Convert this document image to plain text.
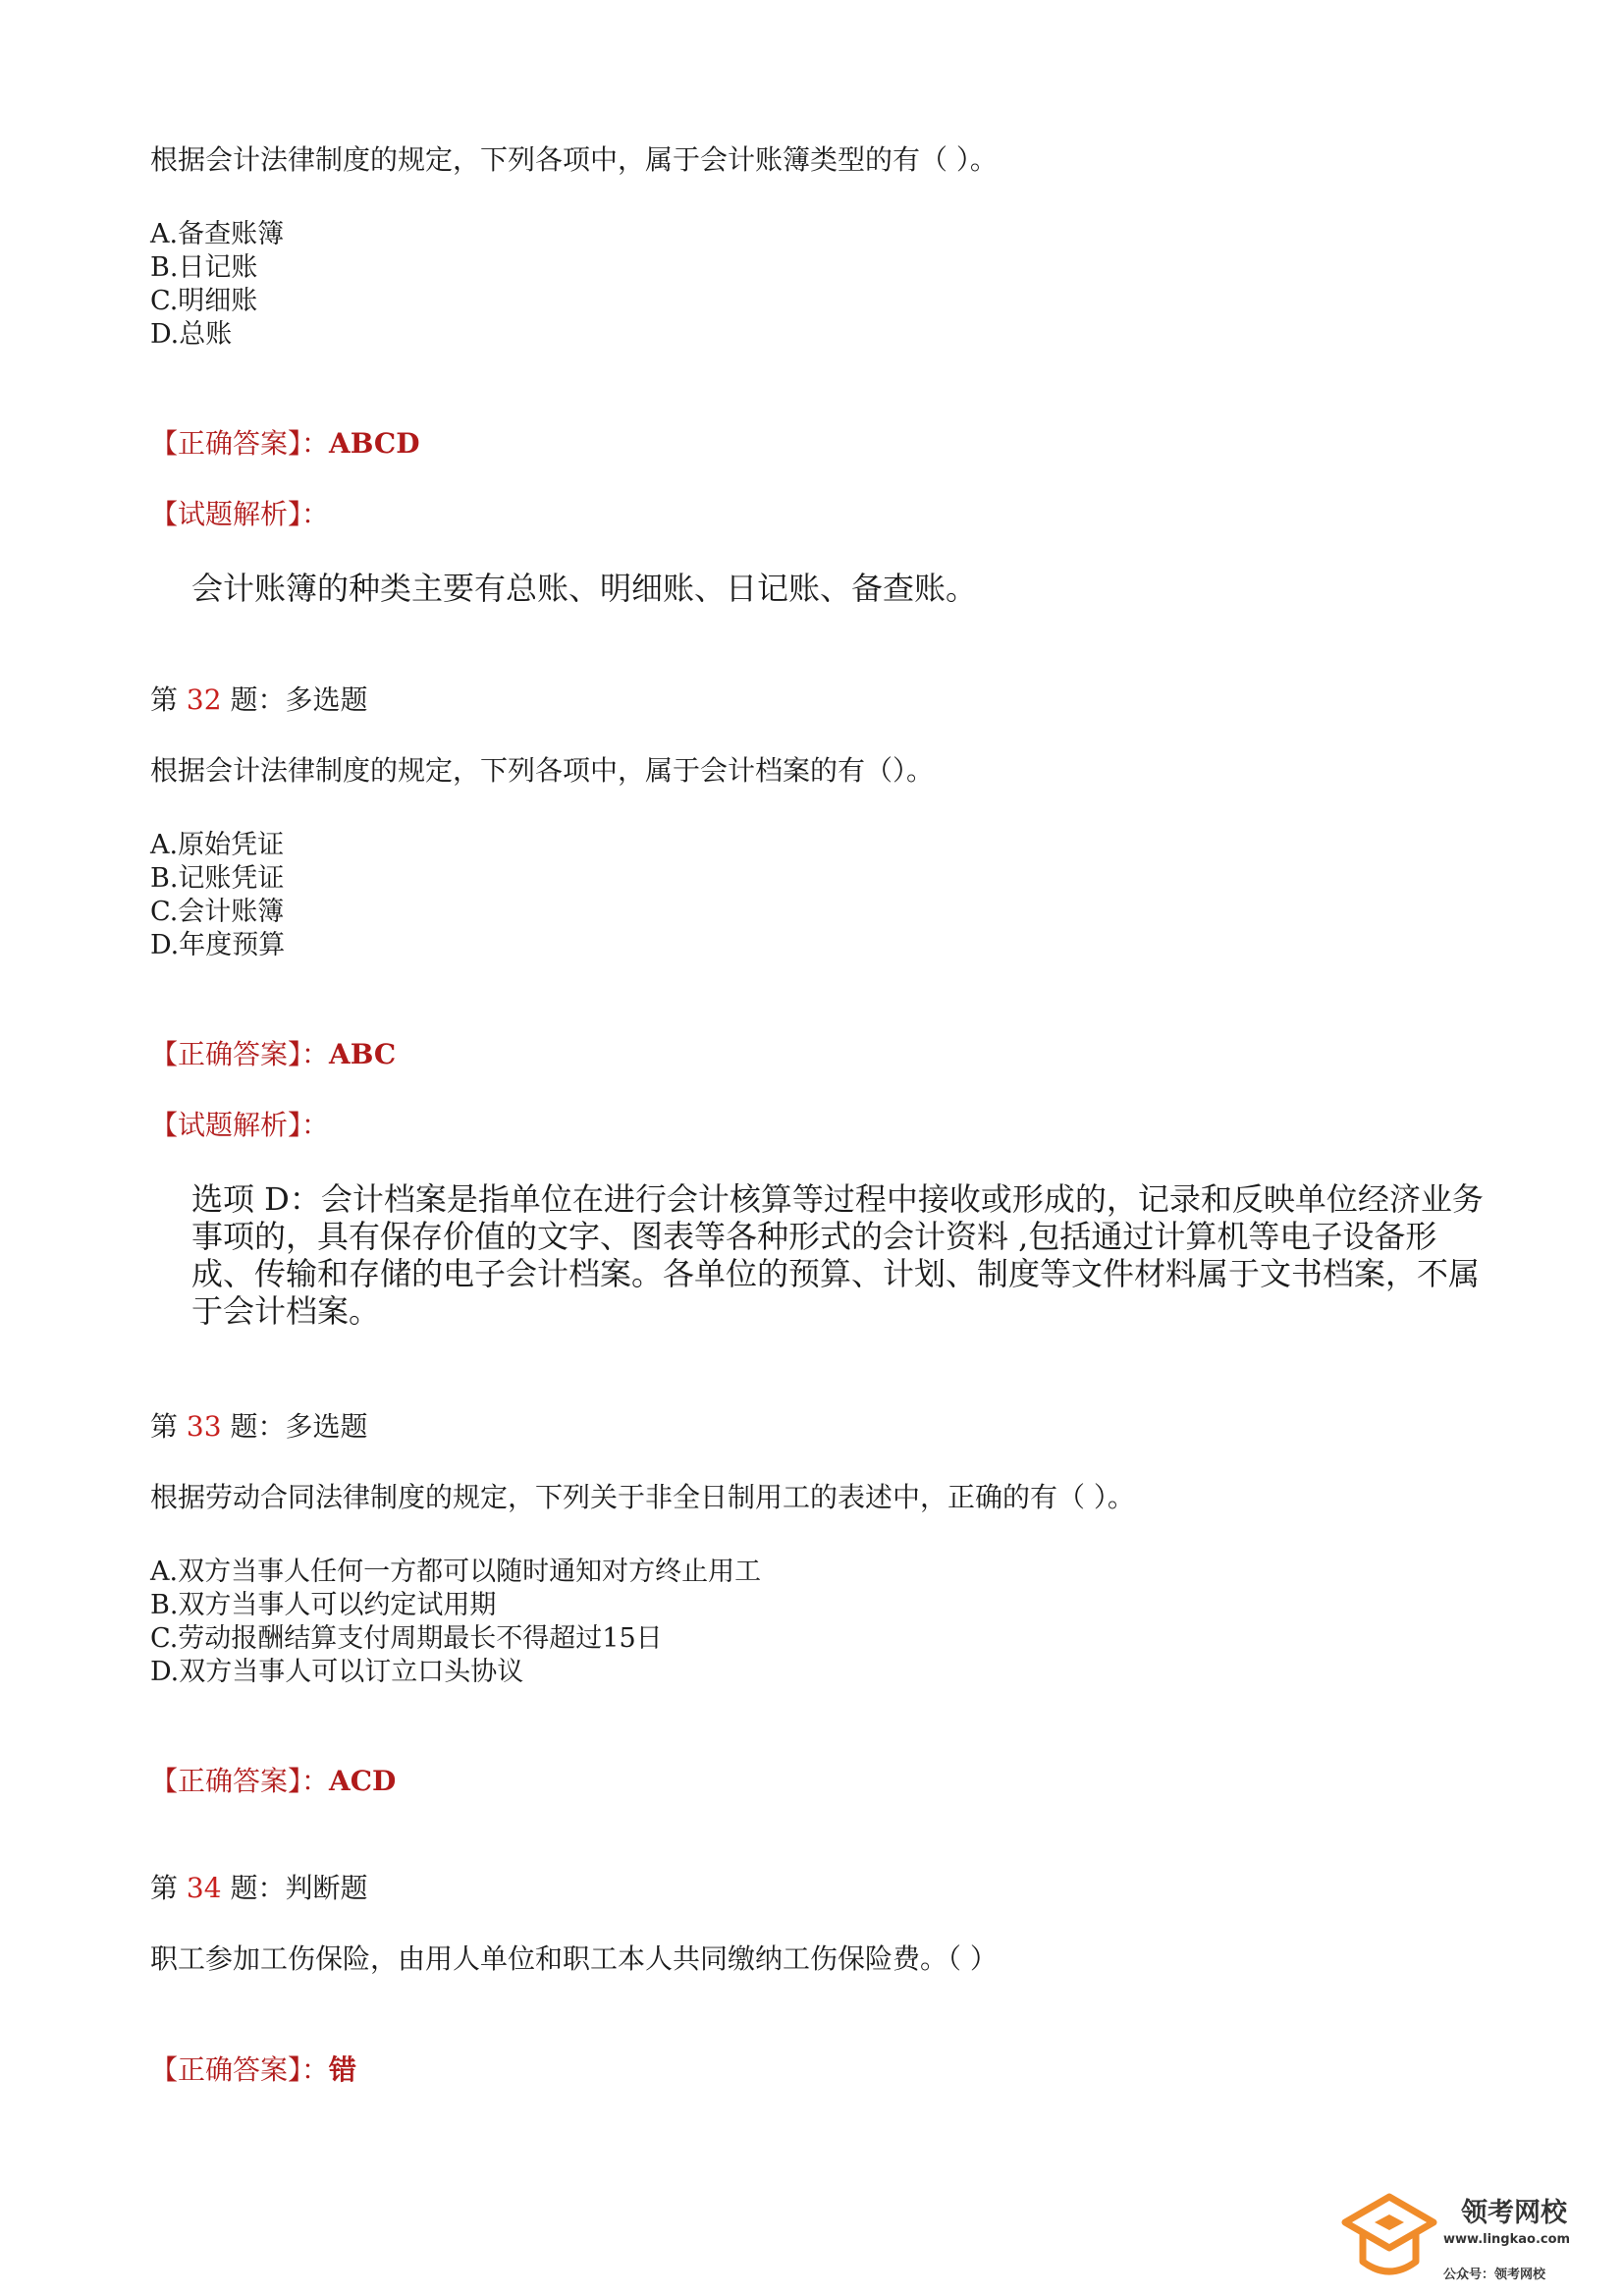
根据会计法律制度的规定，下列各项中，属于会计账簿类型的有（ ）。
A.备查账簿
B.日记账
C.明细账
D.总账
【正确答案】：ABCD
【试题解析】：
会计账簿的种类主要有总账、明细账、日记账、备查账。
第 32 题：多选题
根据会计法律制度的规定，下列各项中，属于会计档案的有（）。
A.原始凭证
B.记账凭证
C.会计账簿
D.年度预算
【正确答案】：ABC
【试题解析】：
选项 D：会计档案是指单位在进行会计核算等过程中接收或形成的，记录和反映单位经济业务事项的，具有保存价值的文字、图表等各种形式的会计资料 ,包括通过计算机等电子设备形成、传输和存储的电子会计档案。各单位的预算、计划、制度等文件材料属于文书档案，不属于会计档案。
第 33 题：多选题
根据劳动合同法律制度的规定，下列关于非全日制用工的表述中，正确的有（ ）。
A.双方当事人任何一方都可以随时通知对方终止用工
B.双方当事人可以约定试用期
C.劳动报酬结算支付周期最长不得超过15日
D.双方当事人可以订立口头协议
【正确答案】：ACD
第 34 题：判断题
职工参加工伤保险，由用人单位和职工本人共同缴纳工伤保险费。（ ）
【正确答案】：错
领考网校
www.lingkao.com
公众号：领考网校
